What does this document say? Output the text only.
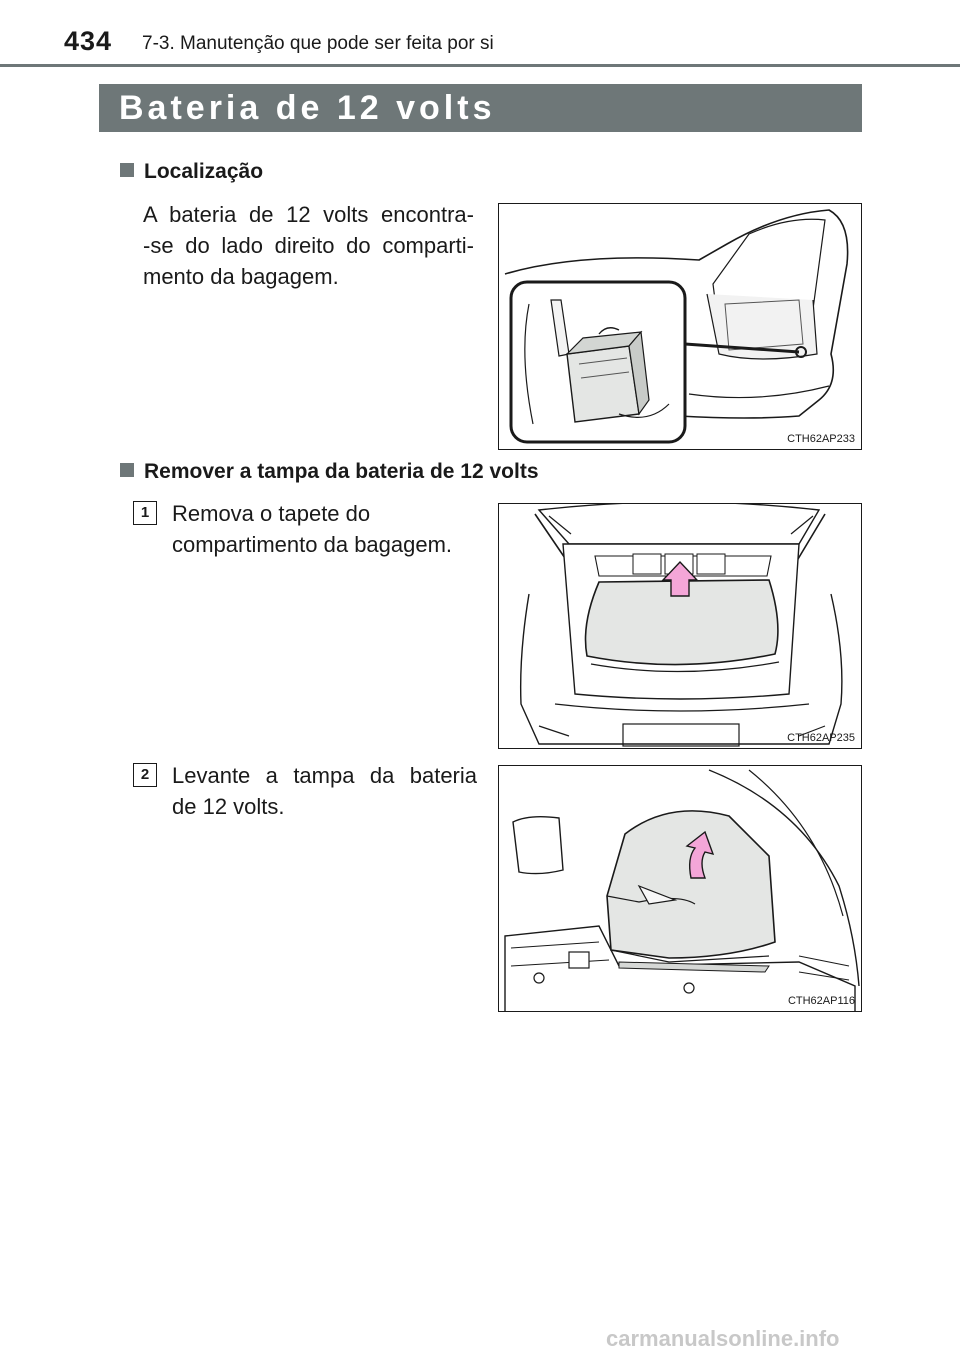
434 7-3. Manutenção que pode ser feita por si
Bateria de 12 volts
Localização

A bateria de 12 volts encontra-
-se do lado direito do comparti-
mento da bagagem.

CTH62AP233
Remover a tampa da bateria de 12 volts
1	Remova o tapete do
compartimento da bagagem.

CTH62AP235
2	Levante a tampa da bateria
de 12 volts.

CTH62AP116
carmanualsonline.info
